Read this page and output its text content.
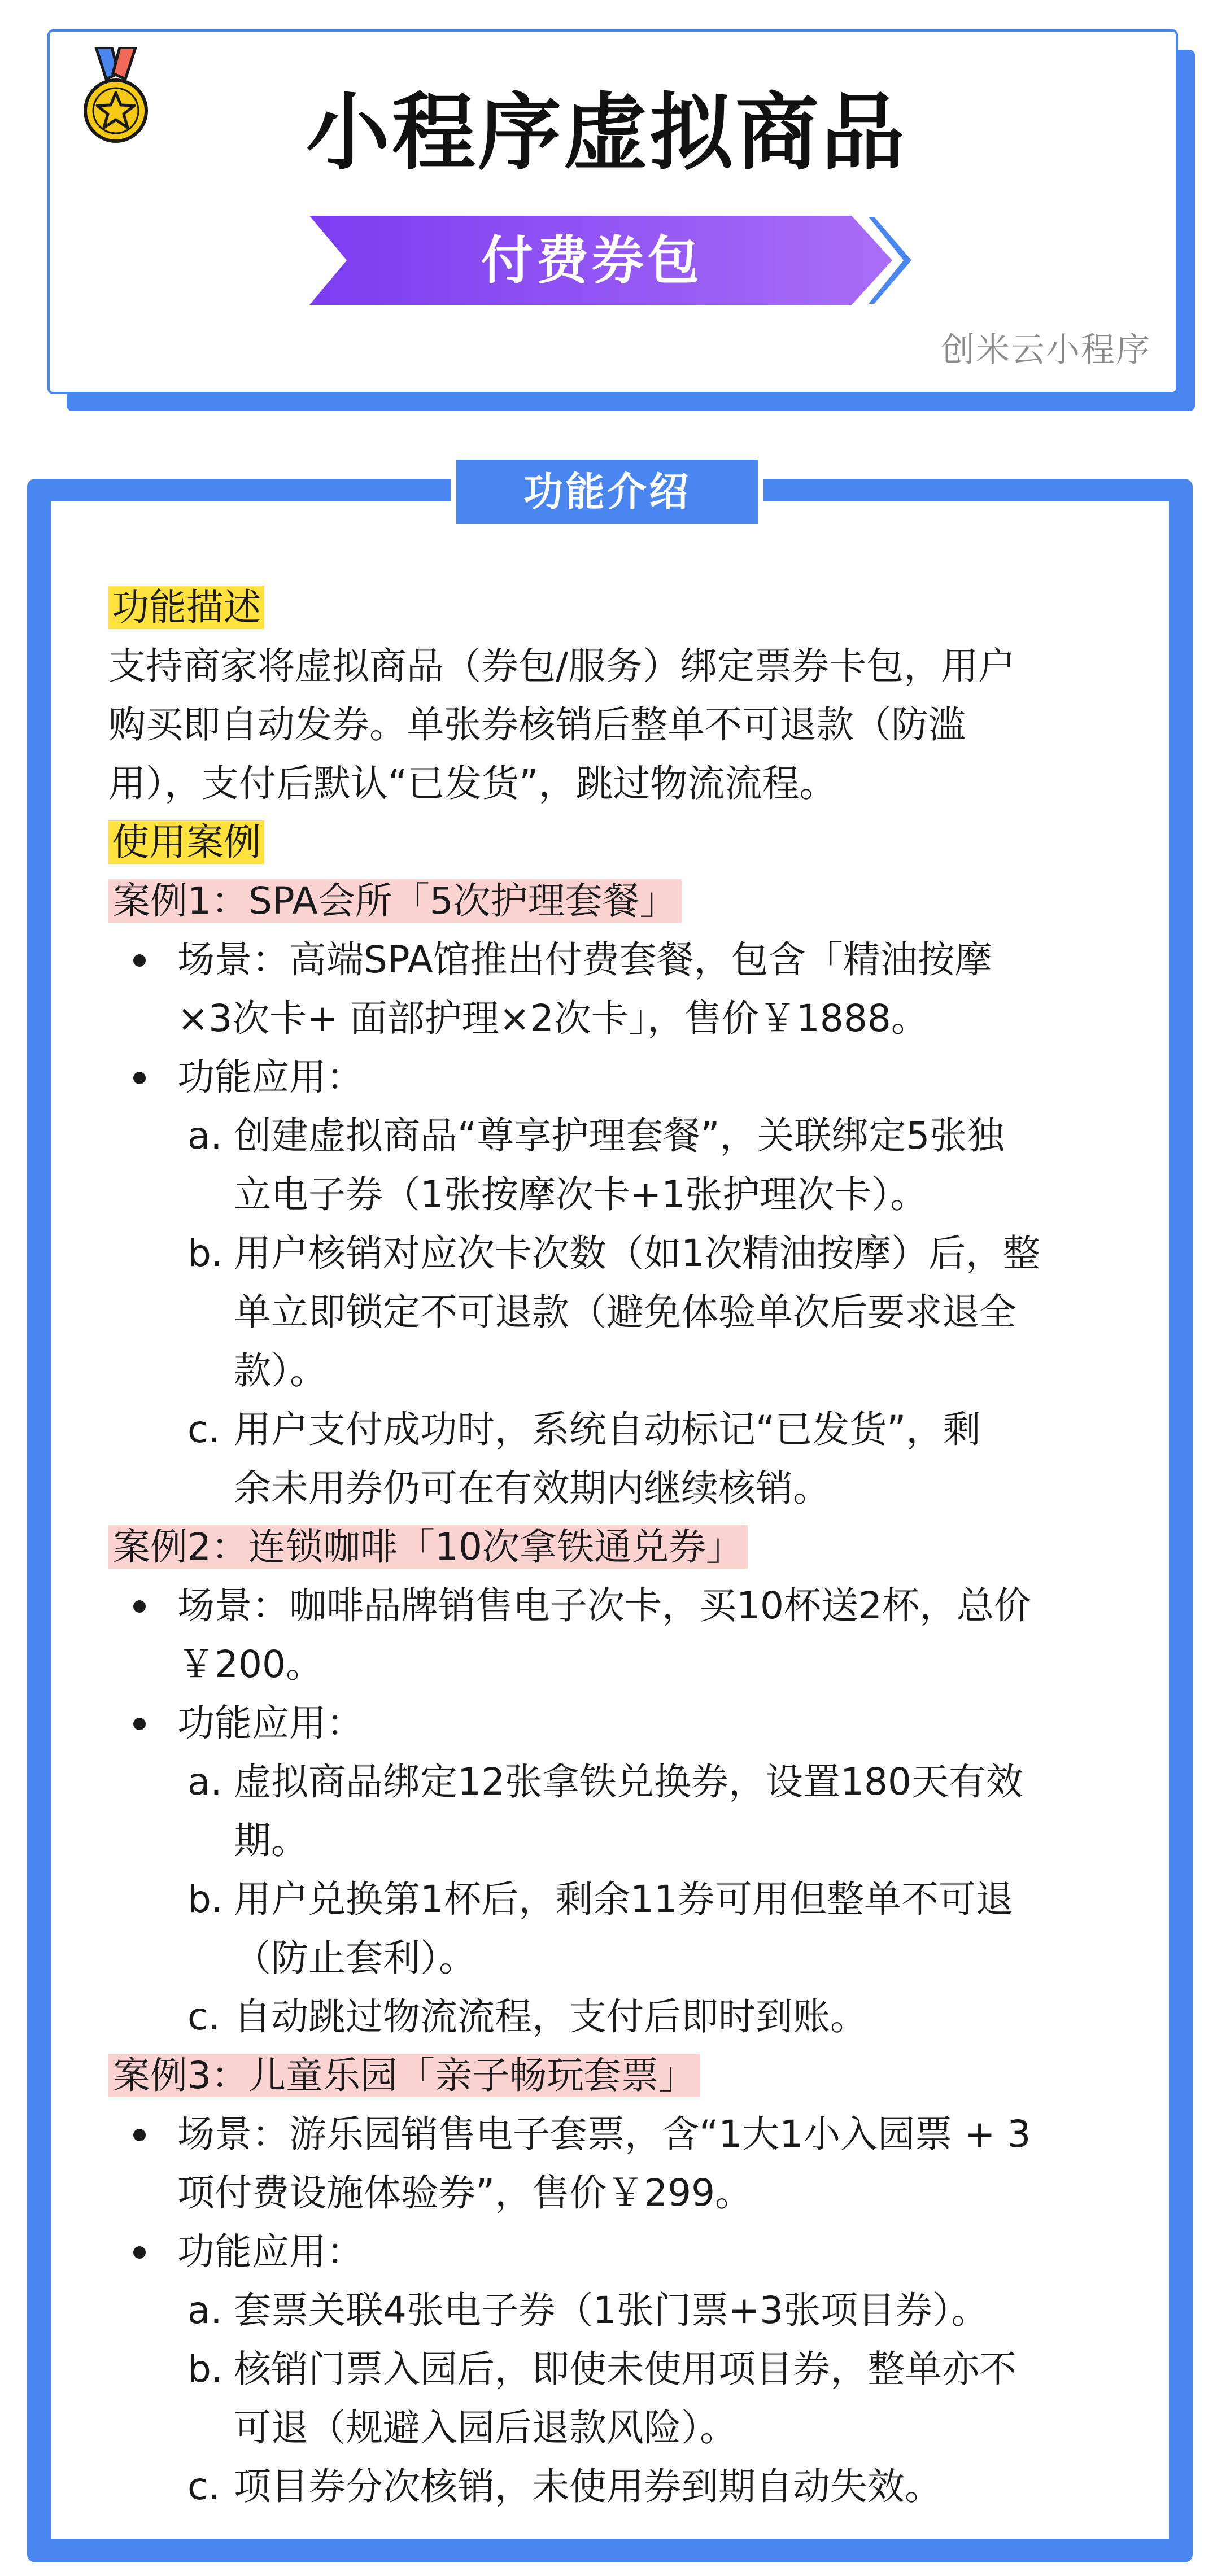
小程序虚拟商品
付费券包
创米云小程序
功能介绍

功能描述

支持商家将虚拟商品（券包/服务）绑定票券卡包，用户

购买即自动发券。单张券核销后整单不可退款（防滥

用），支付后默认“已发货”，跳过物流流程。

使用案例

案例1：SPA会所「5次护理套餐」

场景：高端SPA馆推出付费套餐，包含「精油按摩
×3次卡+ 面部护理×2次卡」，售价￥1888。
功能应用：
a. 创建虚拟商品“尊享护理套餐”，关联绑定5张独
立电子券（1张按摩次卡+1张护理次卡）。
b. 用户核销对应次卡次数（如1次精油按摩）后，整
单立即锁定不可退款（避免体验单次后要求退全
款）。
c. 用户支付成功时，系统自动标记“已发货”，剩
余未用券仍可在有效期内继续核销。

案例2：连锁咖啡「10次拿铁通兑券」

场景：咖啡品牌销售电子次卡，买10杯送2杯，总价
￥200。
功能应用：
a. 虚拟商品绑定12张拿铁兑换券，设置180天有效
期。
b. 用户兑换第1杯后，剩余11券可用但整单不可退
（防止套利）。
c. 自动跳过物流流程，支付后即时到账。

案例3：儿童乐园「亲子畅玩套票」

场景：游乐园销售电子套票，含“1大1小入园票 + 3
项付费设施体验券”，售价￥299。
功能应用：
a. 套票关联4张电子券（1张门票+3张项目券）。
b. 核销门票入园后，即使未使用项目券，整单亦不
可退（规避入园后退款风险）。
c. 项目券分次核销，未使用券到期自动失效。
